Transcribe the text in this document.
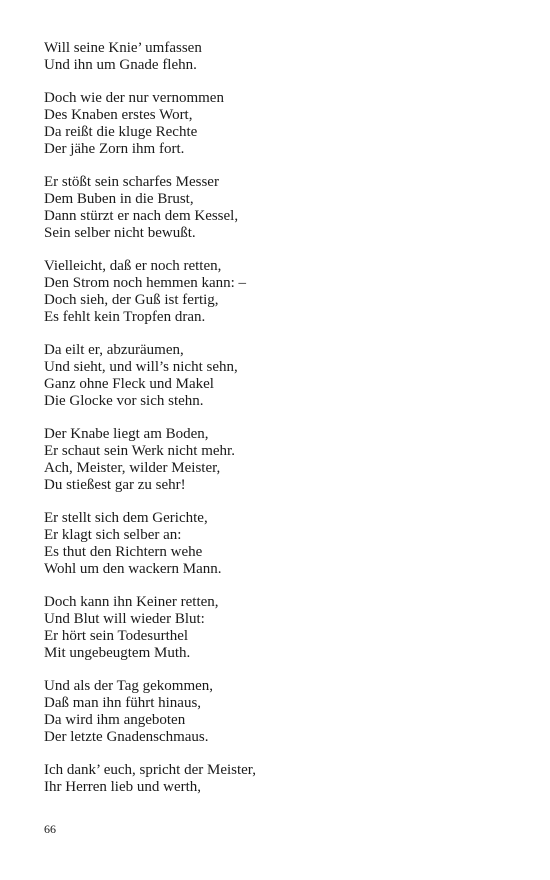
Will seine Knie’ umfassen
Und ihn um Gnade flehn.
Doch wie der nur vernommen
Des Knaben erstes Wort,
Da reißt die kluge Rechte
Der jähe Zorn ihm fort.
Er stößt sein scharfes Messer
Dem Buben in die Brust,
Dann stürzt er nach dem Kessel,
Sein selber nicht bewußt.
Vielleicht, daß er noch retten,
Den Strom noch hemmen kann: –
Doch sieh, der Guß ist fertig,
Es fehlt kein Tropfen dran.
Da eilt er, abzuräumen,
Und sieht, und will’s nicht sehn,
Ganz ohne Fleck und Makel
Die Glocke vor sich stehn.
Der Knabe liegt am Boden,
Er schaut sein Werk nicht mehr.
Ach, Meister, wilder Meister,
Du stießest gar zu sehr!
Er stellt sich dem Gerichte,
Er klagt sich selber an:
Es thut den Richtern wehe
Wohl um den wackern Mann.
Doch kann ihn Keiner retten,
Und Blut will wieder Blut:
Er hört sein Todesurthel
Mit ungebeugtem Muth.
Und als der Tag gekommen,
Daß man ihn führt hinaus,
Da wird ihm angeboten
Der letzte Gnadenschmaus.
Ich dank’ euch, spricht der Meister,
Ihr Herren lieb und werth,
66
